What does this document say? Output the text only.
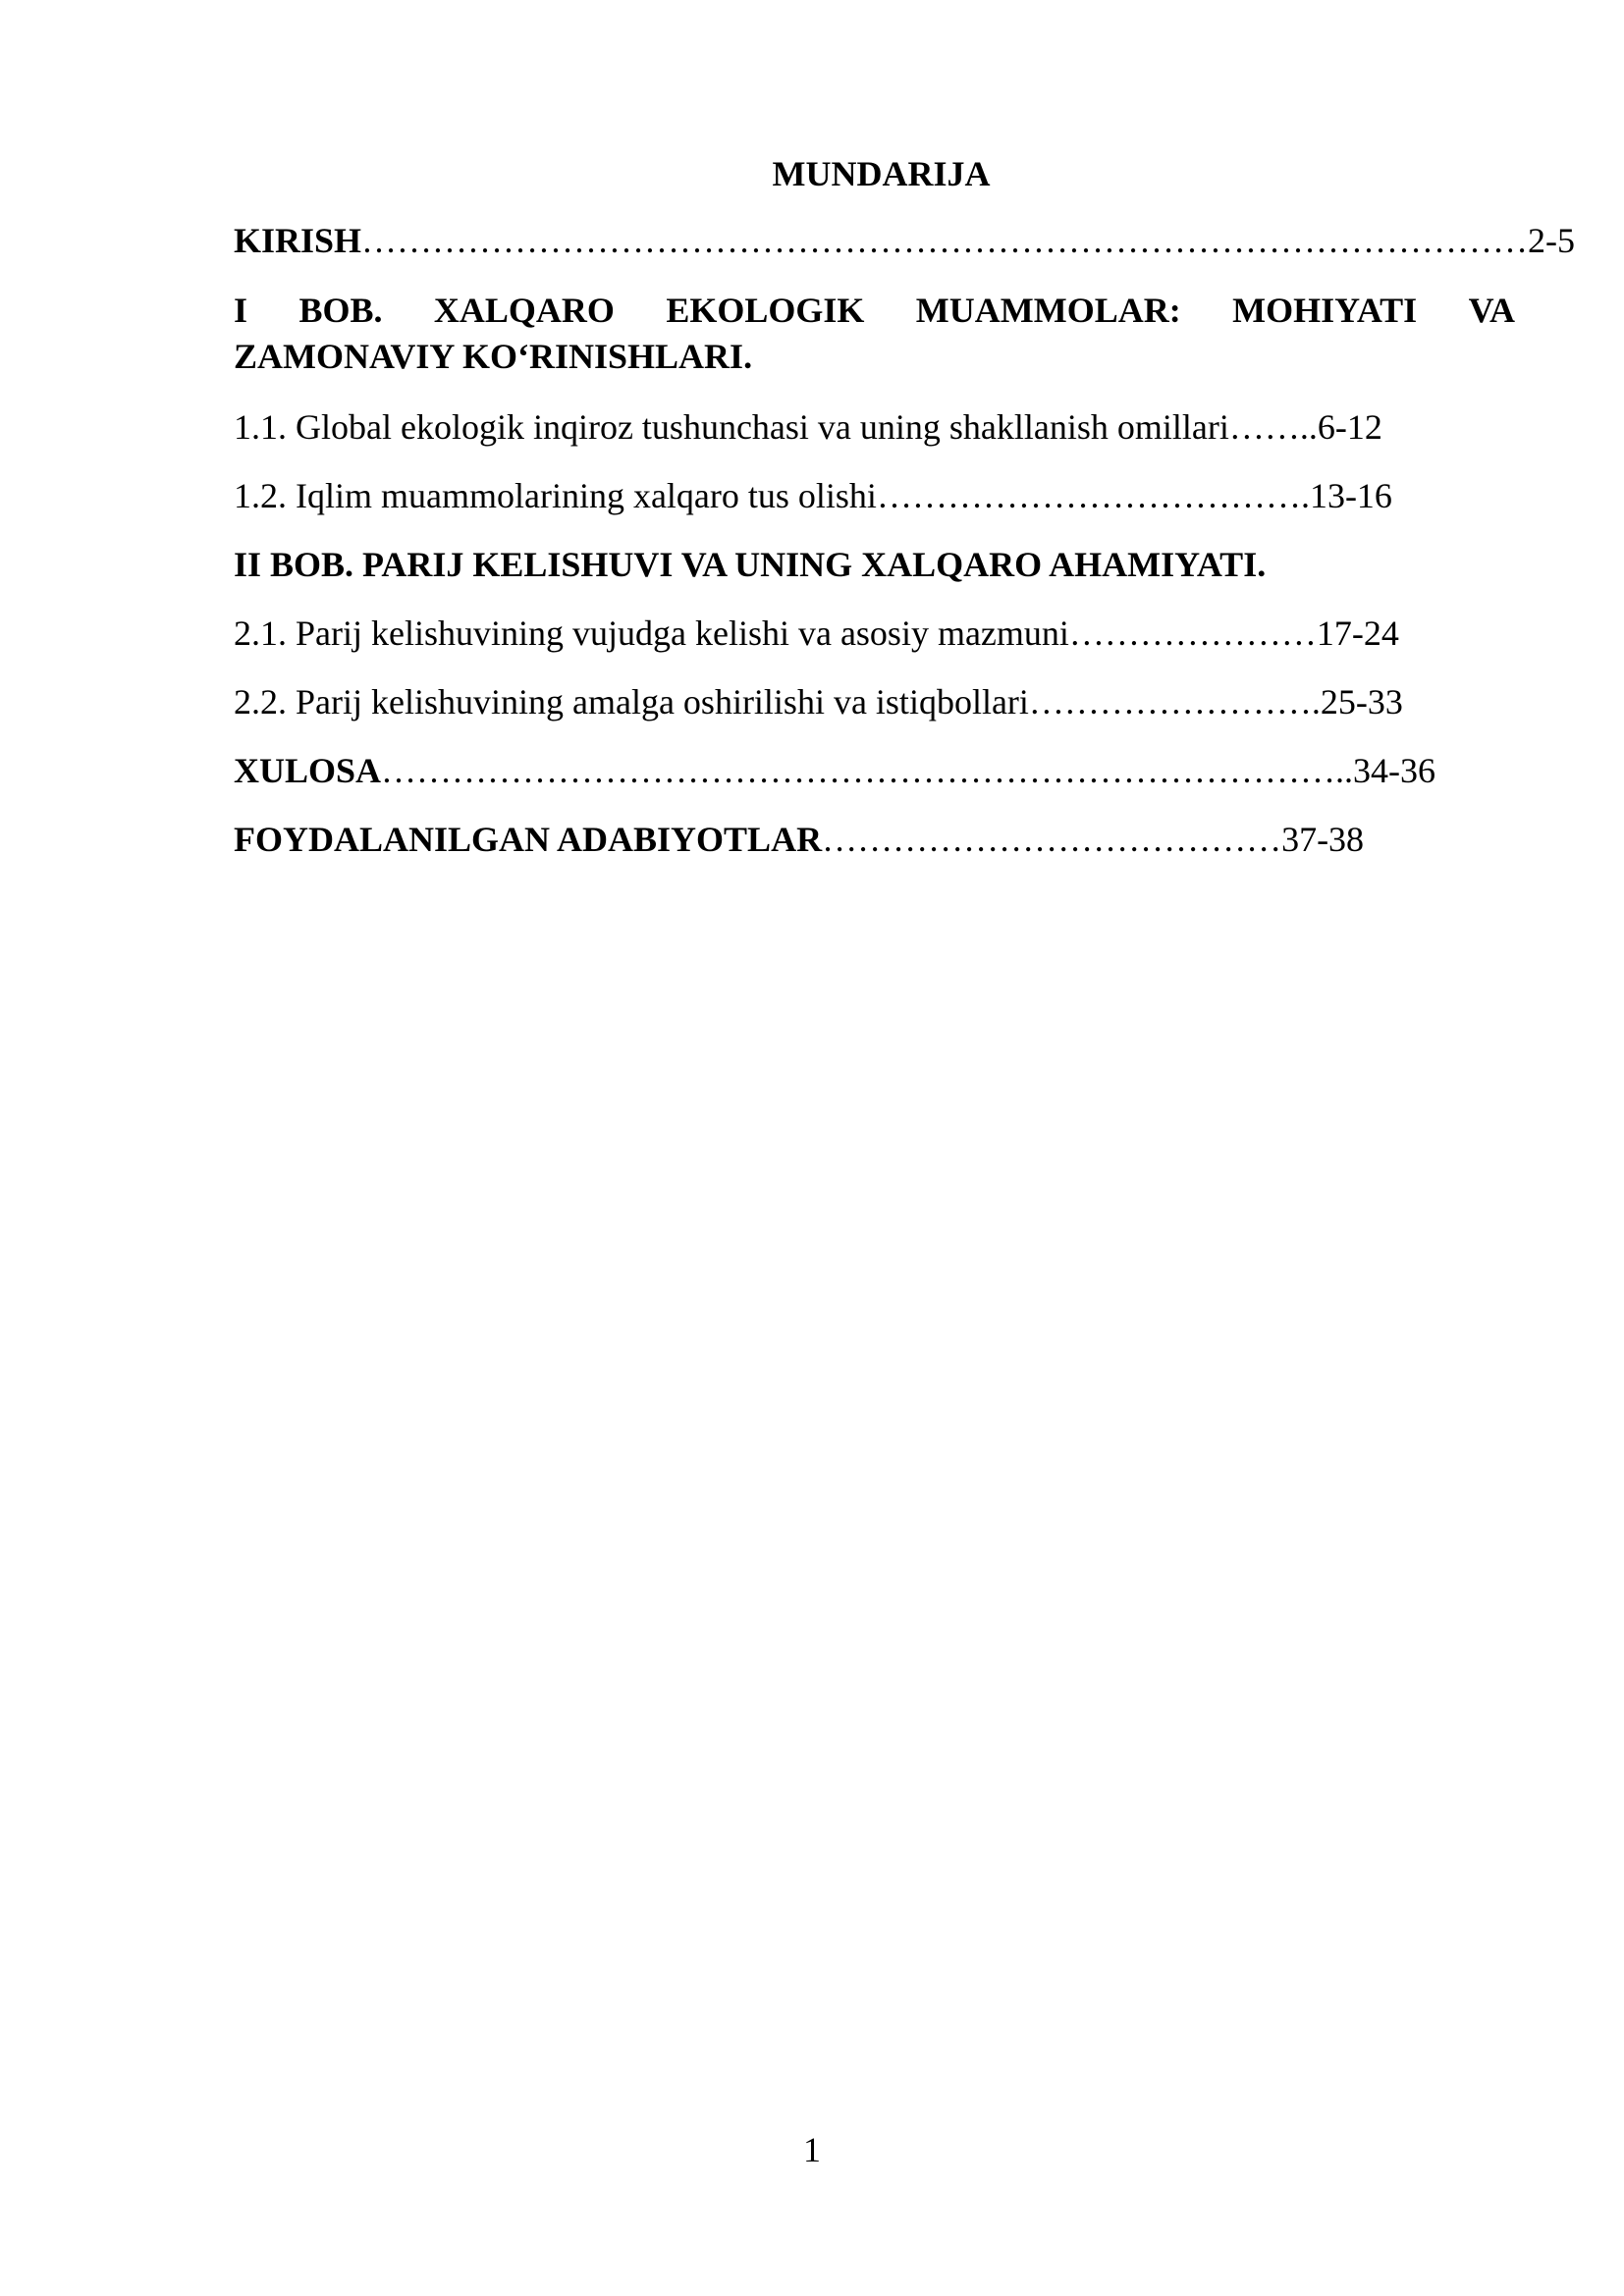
MUNDARIJA
KIRISH………………………………………………………………………………………2-5
I BOB. XALQARO EKOLOGIK MUAMMOLAR: MOHIYATI VA
ZAMONAVIY KO‘RINISHLARI.
1.1. Global ekologik inqiroz tushunchasi va uning shakllanish omillari……..6-12
1.2. Iqlim muammolarining xalqaro tus olishi……………………………….13-16
II BOB. PARIJ KELISHUVI VA UNING XALQARO AHAMIYATI.
2.1. Parij kelishuvining vujudga kelishi va asosiy mazmuni…………………17-24
2.2. Parij kelishuvining amalga oshirilishi va istiqbollari…………………….25-33
XULOSA………………………………………………………………………..34-36
FOYDALANILGAN ADABIYOTLAR…………………………………37-38
1
